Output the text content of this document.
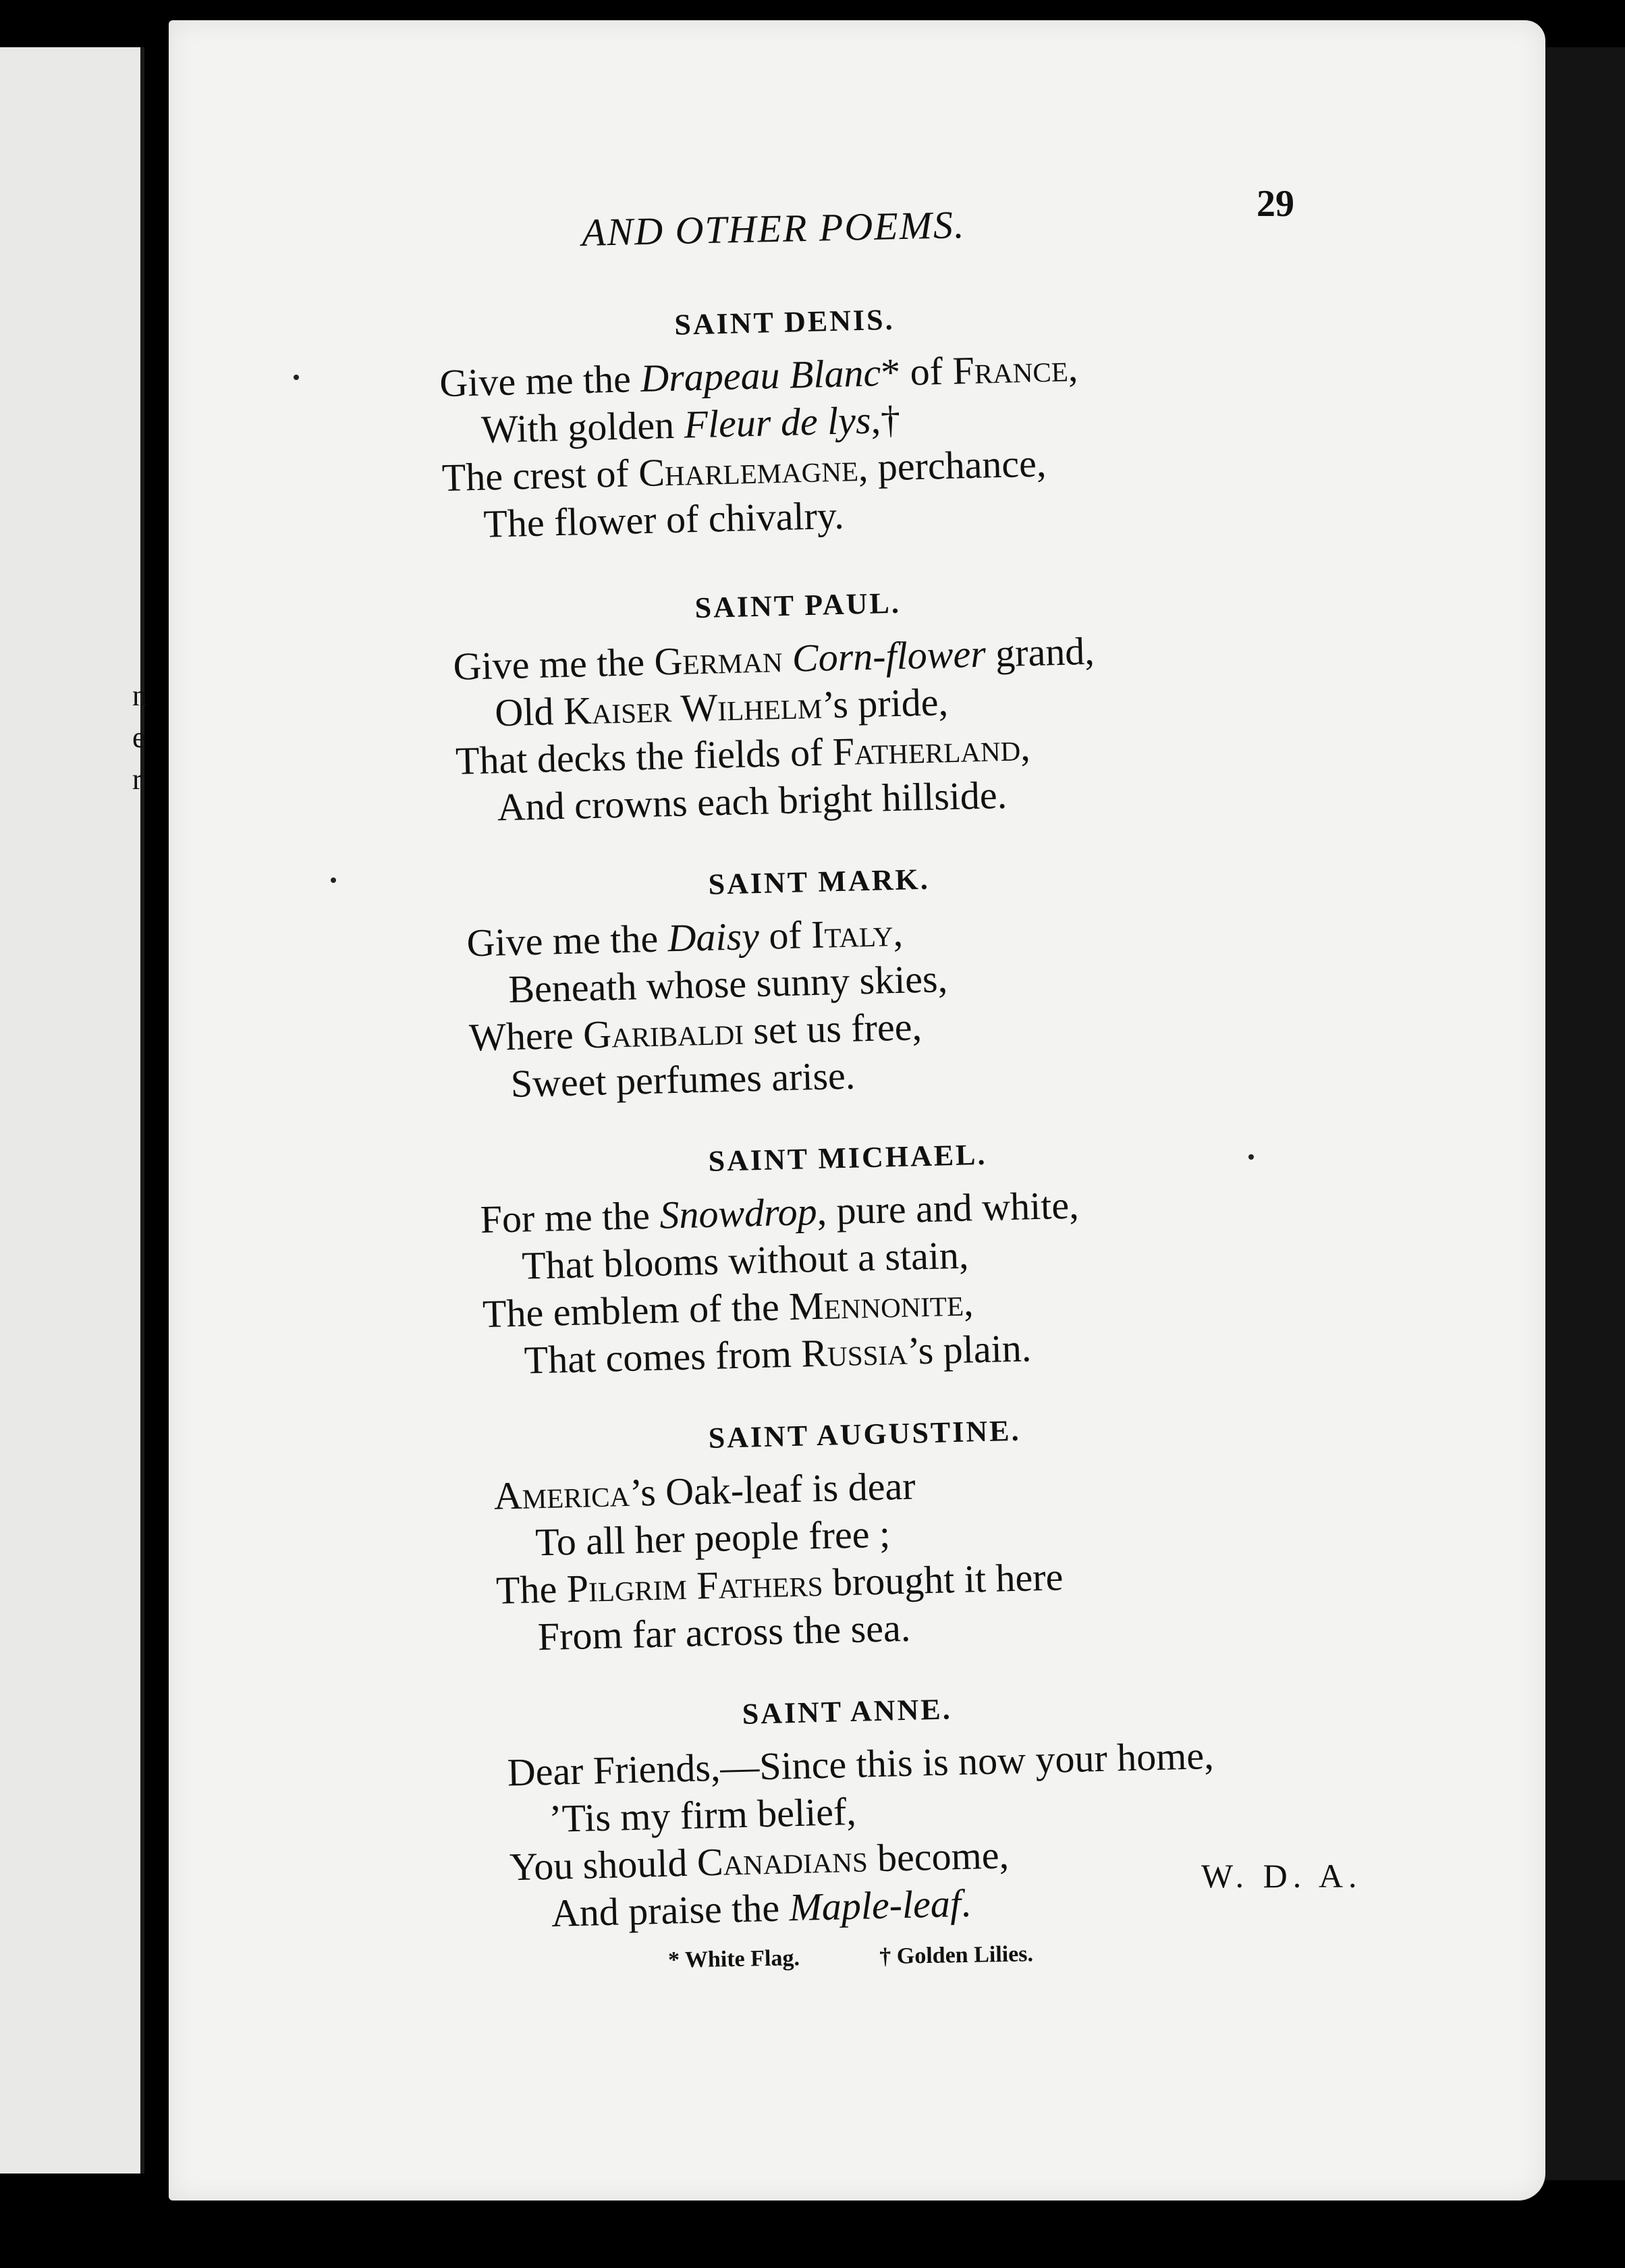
n
e
r
AND OTHER POEMS.	29
SAINT DENIS.
Give me the Drapeau Blanc* of France,
With golden Fleur de lys,†
The crest of Charlemagne, perchance,
The flower of chivalry.
SAINT PAUL.
Give me the German Corn-flower grand,
Old Kaiser Wilhelm’s pride,
That decks the fields of Fatherland,
And crowns each bright hillside.
SAINT MARK.
Give me the Daisy of Italy,
Beneath whose sunny skies,
Where Garibaldi set us free,
Sweet perfumes arise.
SAINT MICHAEL.
For me the Snowdrop, pure and white,
That blooms without a stain,
The emblem of the Mennonite,
That comes from Russia’s plain.
SAINT AUGUSTINE.
America’s Oak-leaf is dear
To all her people free ;
The Pilgrim Fathers brought it here
From far across the sea.
SAINT ANNE.
Dear Friends,—Since this is now your home,
’Tis my firm belief,
You should Canadians become,
And praise the Maple-leaf.
W. D. A.
* White Flag.	† Golden Lilies.
